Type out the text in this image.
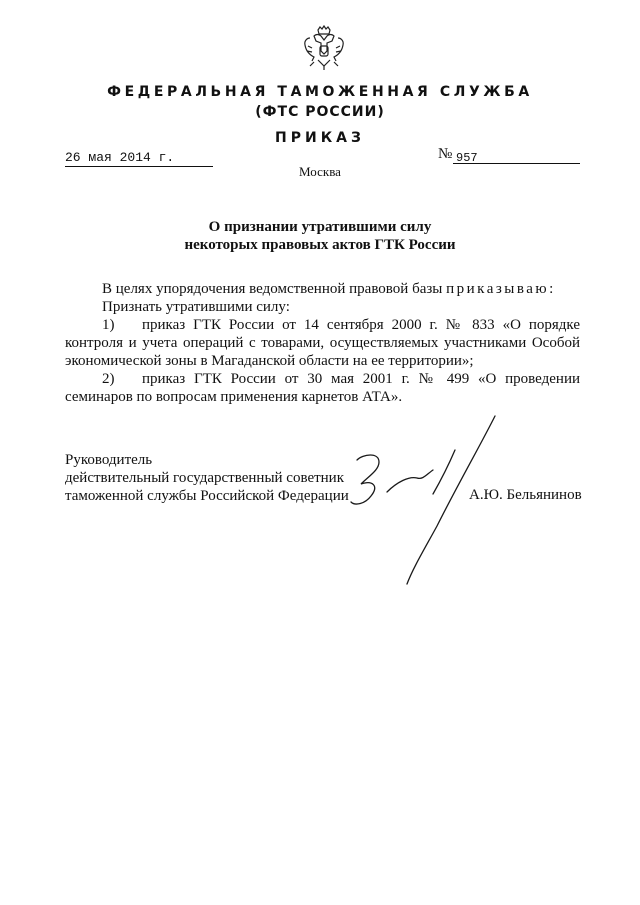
ФЕДЕРАЛЬНАЯ ТАМОЖЕННАЯ СЛУЖБА
(ФТС РОССИИ)
ПРИКАЗ
26 мая 2014 г.	№ 957
Москва
О признании утратившими силу
некоторых правовых актов ГТК России

В целях упорядочения ведомственной правовой базы приказываю:

Признать утратившими силу:

1) приказ ГТК России от 14 сентября 2000 г. № 833 «О порядке контроля и учета операций с товарами, осуществляемых участниками Особой экономической зоны в Магаданской области на ее территории»;

2) приказ ГТК России от 30 мая 2001 г. № 499 «О проведении семинаров по вопросам применения карнетов АТА».

Руководитель
действительный государственный советник
таможенной службы Российской Федерации	А.Ю. Бельянинов
